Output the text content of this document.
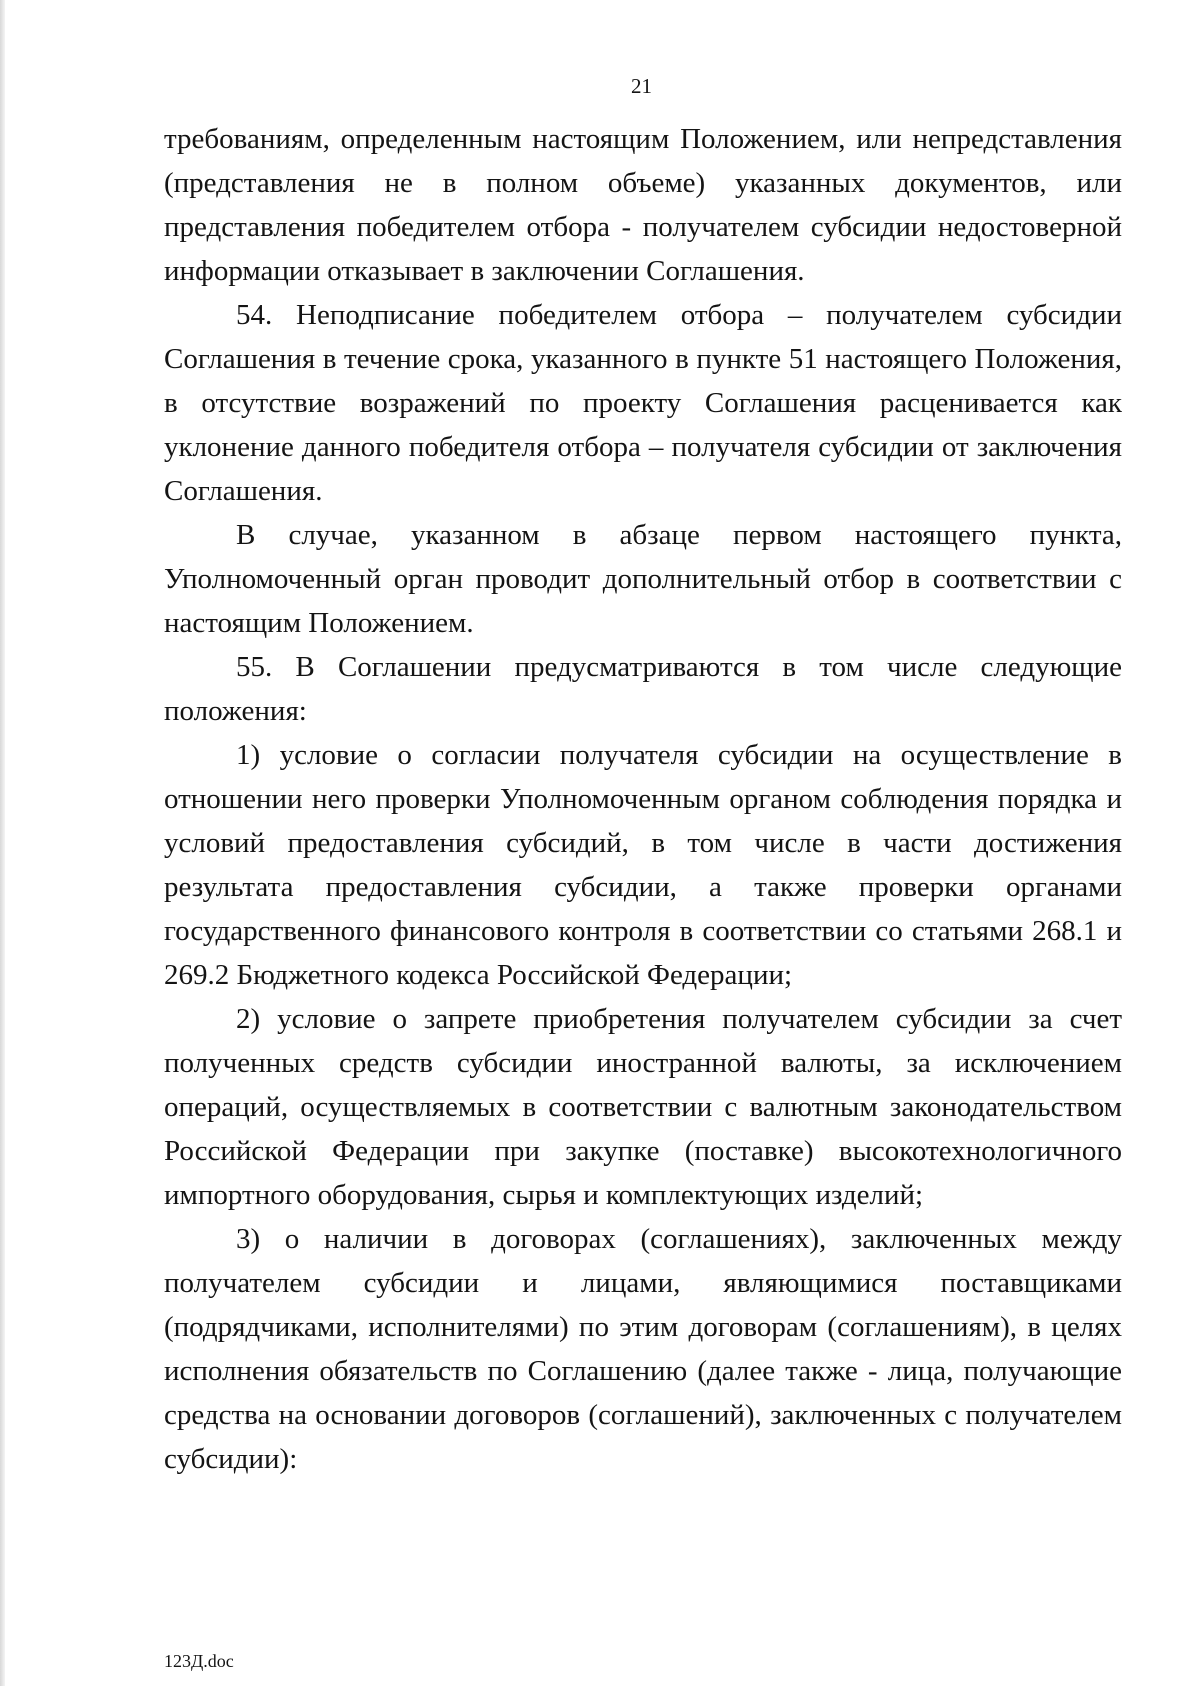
21

требованиям, определенным настоящим Положением, или непредставления (представления не в полном объеме) указанных документов, или представления победителем отбора - получателем субсидии недостоверной информации отказывает в заключении Соглашения.

54. Неподписание победителем отбора – получателем субсидии Соглашения в течение срока, указанного в пункте 51 настоящего Положения, в отсутствие возражений по проекту Соглашения расценивается как уклонение данного победителя отбора – получателя субсидии от заключения Соглашения.

В случае, указанном в абзаце первом настоящего пункта, Уполномоченный орган проводит дополнительный отбор в соответствии с настоящим Положением.

55. В Соглашении предусматриваются в том числе следующие положения:

1) условие о согласии получателя субсидии на осуществление в отношении него проверки Уполномоченным органом соблюдения порядка и условий предоставления субсидий, в том числе в части достижения результата предоставления субсидии, а также проверки органами государственного финансового контроля в соответствии со статьями 268.1 и 269.2 Бюджетного кодекса Российской Федерации;

2) условие о запрете приобретения получателем субсидии за счет полученных средств субсидии иностранной валюты, за исключением операций, осуществляемых в соответствии с валютным законодательством Российской Федерации при закупке (поставке) высокотехнологичного импортного оборудования, сырья и комплектующих изделий;

3) о наличии в договорах (соглашениях), заключенных между получателем субсидии и лицами, являющимися поставщиками (подрядчиками, исполнителями) по этим договорам (соглашениям), в целях исполнения обязательств по Соглашению (далее также - лица, получающие средства на основании договоров (соглашений), заключенных с получателем субсидии):

123Д.doc
